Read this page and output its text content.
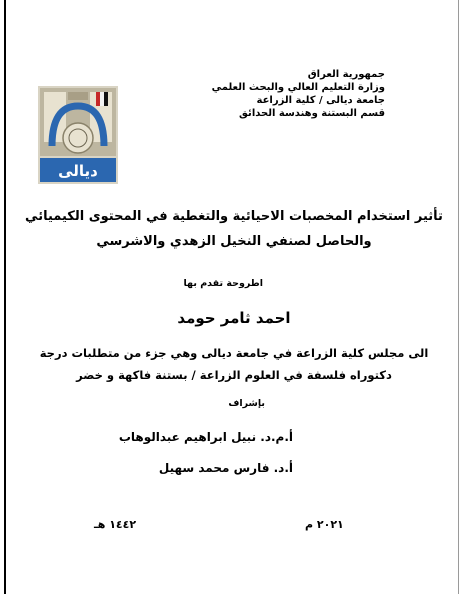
جمهورية العراق
وزارة التعليم العالي والبحث العلمي
جامعة ديالى / كلية الزراعة
قسم البستنة وهندسة الحدائق
ديالى
تأثير استخدام المخصبات الاحيائية والتغطية في المحتوى الكيميائي
والحاصل لصنفي النخيل الزهدي والاشرسي
اطروحة تقدم بها
احمد ثامر حومد
الى مجلس كلية الزراعة في جامعة ديالى وهي جزء من متطلبات درجة
دكتوراه فلسفة في العلوم الزراعة / بستنة فاكهة و خضر
بإشراف
أ.م.د. نبيل ابراهيم عبدالوهاب
أ.د. فارس محمد سهيل
١٤٤٢ هـ	٢٠٢١ م
